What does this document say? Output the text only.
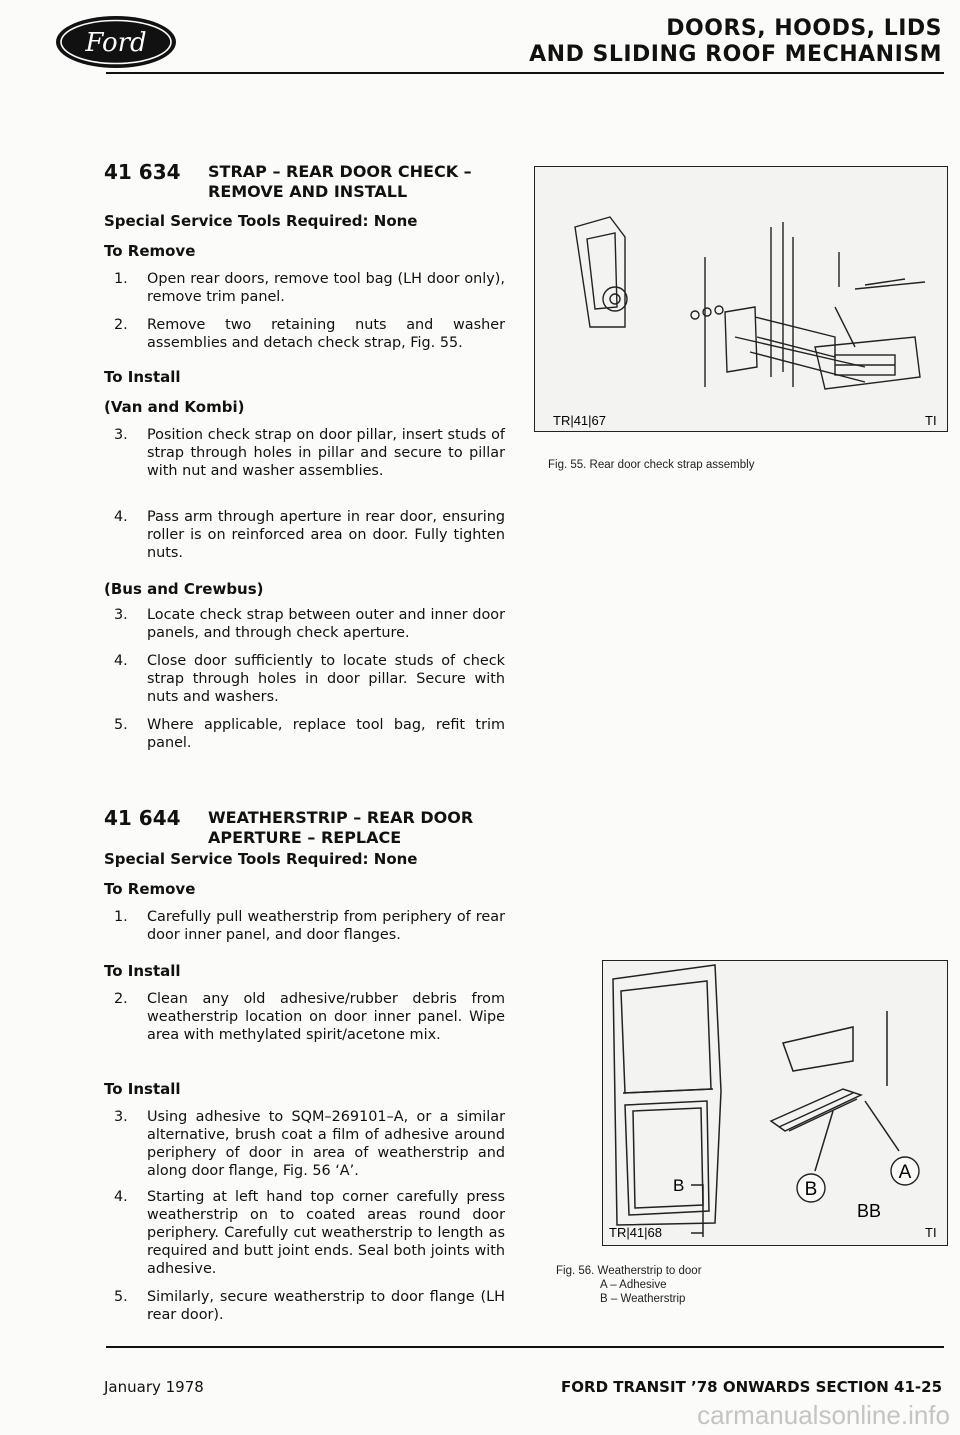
Ford	DOORS, HOODS, LIDS
AND SLIDING ROOF MECHANISM
41 634 STRAP – REAR DOOR CHECK – REMOVE AND INSTALL
Special Service Tools Required: None
To Remove
1. Open rear doors, remove tool bag (LH door only), remove trim panel.
2. Remove two retaining nuts and washer assemblies and detach check strap, Fig. 55.
To Install
(Van and Kombi)
3. Position check strap on door pillar, insert studs of strap through holes in pillar and secure to pillar with nut and washer assemblies.
4. Pass arm through aperture in rear door, ensuring roller is on reinforced area on door. Fully tighten nuts.
(Bus and Crewbus)
3. Locate check strap between outer and inner door panels, and through check aperture.
4. Close door sufficiently to locate studs of check strap through holes in door pillar. Secure with nuts and washers.
5. Where applicable, replace tool bag, refit trim panel.
41 644 WEATHERSTRIP – REAR DOOR APERTURE – REPLACE
Special Service Tools Required: None
To Remove
1. Carefully pull weatherstrip from periphery of rear door inner panel, and door flanges.
To Install
2. Clean any old adhesive/rubber debris from weatherstrip location on door inner panel. Wipe area with methylated spirit/acetone mix.
To Install
3. Using adhesive to SQM–269101–A, or a similar alternative, brush coat a film of adhesive around periphery of door in area of weatherstrip and along door flange, Fig. 56 ‘A’.
4. Starting at left hand top corner carefully press weatherstrip on to coated areas round door periphery. Carefully cut weatherstrip to length as required and butt joint ends. Seal both joints with adhesive.
5. Similarly, secure weatherstrip to door flange (LH rear door).
TR|41|67	TI
Fig. 55. Rear door check strap assembly
A
B
BB
B
TR|41|68	TI
Fig. 56. Weatherstrip to door
A – Adhesive
B – Weatherstrip
January 1978	FORD TRANSIT ’78 ONWARDS SECTION 41-25
carmanualsonline.info
